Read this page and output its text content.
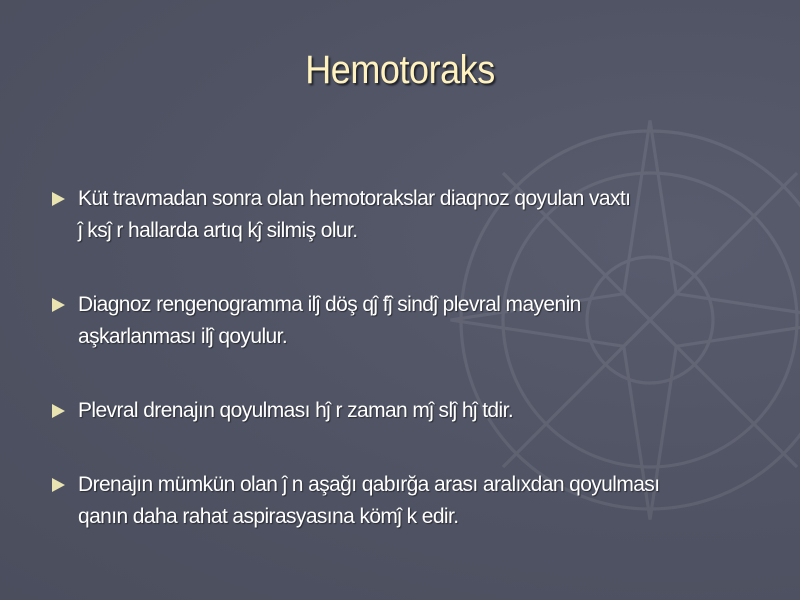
Hemotoraks
Küt travmadan sonra olan hemotorakslar diaqnoz qoyulan vaxtı
ĵ ksĵ r hallarda artıq kĵ silmiş olur.
Diagnoz rengenogramma ilĵ döş qĵ fĵ sindĵ plevral mayenin
aşkarlanması ilĵ qoyulur.
Plevral drenajın qoyulması hĵ r zaman mĵ slĵ hĵ tdir.
Drenajın mümkün olan ĵ n aşağı qabırğa arası aralıxdan qoyulması
qanın daha rahat aspirasyasına kömĵ k edir.
